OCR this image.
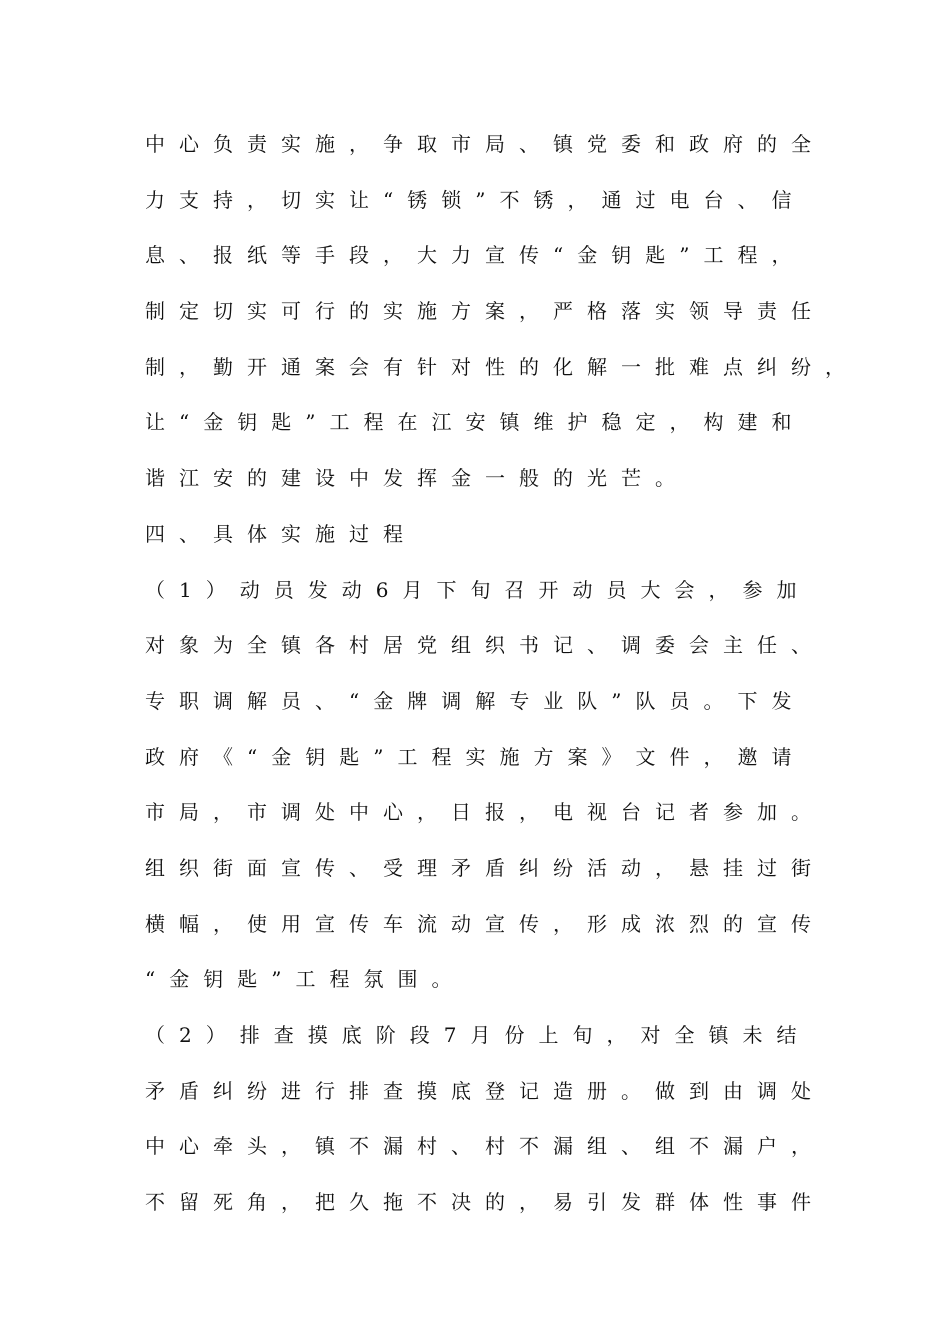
中心负责实施，争取市局、镇党委和政府的全
力支持，切实让“锈锁”不锈，通过电台、信
息、报纸等手段，大力宣传“金钥匙”工程，
制定切实可行的实施方案，严格落实领导责任
制，勤开通案会有针对性的化解一批难点纠纷，
让“金钥匙”工程在江安镇维护稳定，构建和
谐江安的建设中发挥金一般的光芒。
四、具体实施过程
（1）动员发动6月下旬召开动员大会，参加
对象为全镇各村居党组织书记、调委会主任、
专职调解员、“金牌调解专业队”队员。下发
政府《“金钥匙”工程实施方案》文件，邀请
市局，市调处中心，日报，电视台记者参加。
组织街面宣传、受理矛盾纠纷活动，悬挂过街
横幅，使用宣传车流动宣传，形成浓烈的宣传
“金钥匙”工程氛围。
（2）排查摸底阶段7月份上旬，对全镇未结
矛盾纠纷进行排查摸底登记造册。做到由调处
中心牵头，镇不漏村、村不漏组、组不漏户，
不留死角，把久拖不决的，易引发群体性事件
